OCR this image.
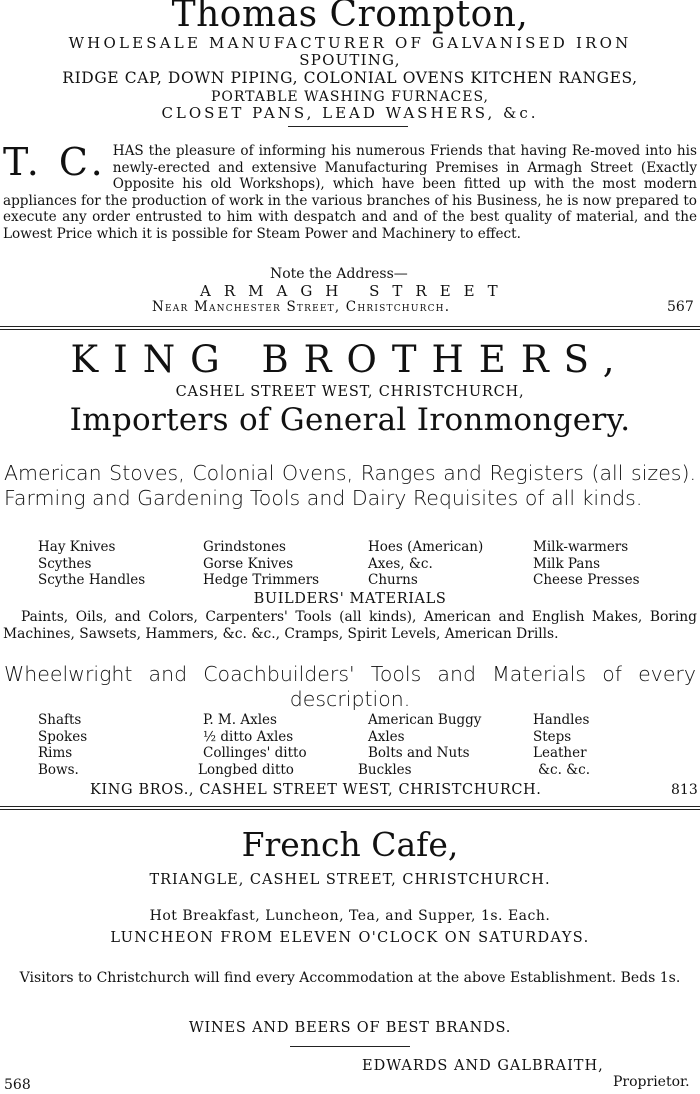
Thomas Crompton,
WHOLESALE MANUFACTURER OF GALVANISED IRON
SPOUTING,
RIDGE CAP, DOWN PIPING, COLONIAL OVENS KITCHEN RANGES,
PORTABLE WASHING FURNACES,
CLOSET PANS, LEAD WASHERS, &c.
T. C. HAS the pleasure of informing his numerous Friends that having Re-moved into his newly-erected and extensive Manufacturing Premises in Armagh Street (Exactly Opposite his old Workshops), which have been fitted up with the most modern appliances for the production of work in the various branches of his Business, he is now prepared to execute any order entrusted to him with despatch and and of the best quality of material, and the Lowest Price which it is possible for Steam Power and Machinery to effect.
Note the Address—
ARMAGH STREET
Near Manchester Street, Christchurch.	567
KING BROTHERS,
CASHEL STREET WEST, CHRISTCHURCH,
Importers of General Ironmongery.
American Stoves, Colonial Ovens, Ranges and Registers (all sizes). Farming and Gardening Tools and Dairy Requisites of all kinds.
Hay Knives	Grindstones	Hoes (American)	Milk-warmers
Scythes	Gorse Knives	Axes, &c.	Milk Pans
Scythe Handles	Hedge Trimmers	Churns	Cheese Presses
BUILDERS' MATERIALS
Paints, Oils, and Colors, Carpenters' Tools (all kinds), American and English Makes, Boring Machines, Sawsets, Hammers, &c. &c., Cramps, Spirit Levels, American Drills.
Wheelwright and Coachbuilders' Tools and Materials of every description.
Shafts	P. M. Axles	American Buggy	Handles
Spokes	½ ditto Axles	Axles	Steps
Rims	Collinges' ditto	Bolts and Nuts	Leather
Bows.	Longbed ditto	Buckles	&c. &c.
KING BROS., CASHEL STREET WEST, CHRISTCHURCH.	813
French Cafe,
TRIANGLE, CASHEL STREET, CHRISTCHURCH.
Hot Breakfast, Luncheon, Tea, and Supper, 1s. Each.
LUNCHEON FROM ELEVEN O'CLOCK ON SATURDAYS.
Visitors to Christchurch will find every Accommodation at the above Establishment. Beds 1s.
WINES AND BEERS OF BEST BRANDS.
EDWARDS AND GALBRAITH,
Proprietor.
568
